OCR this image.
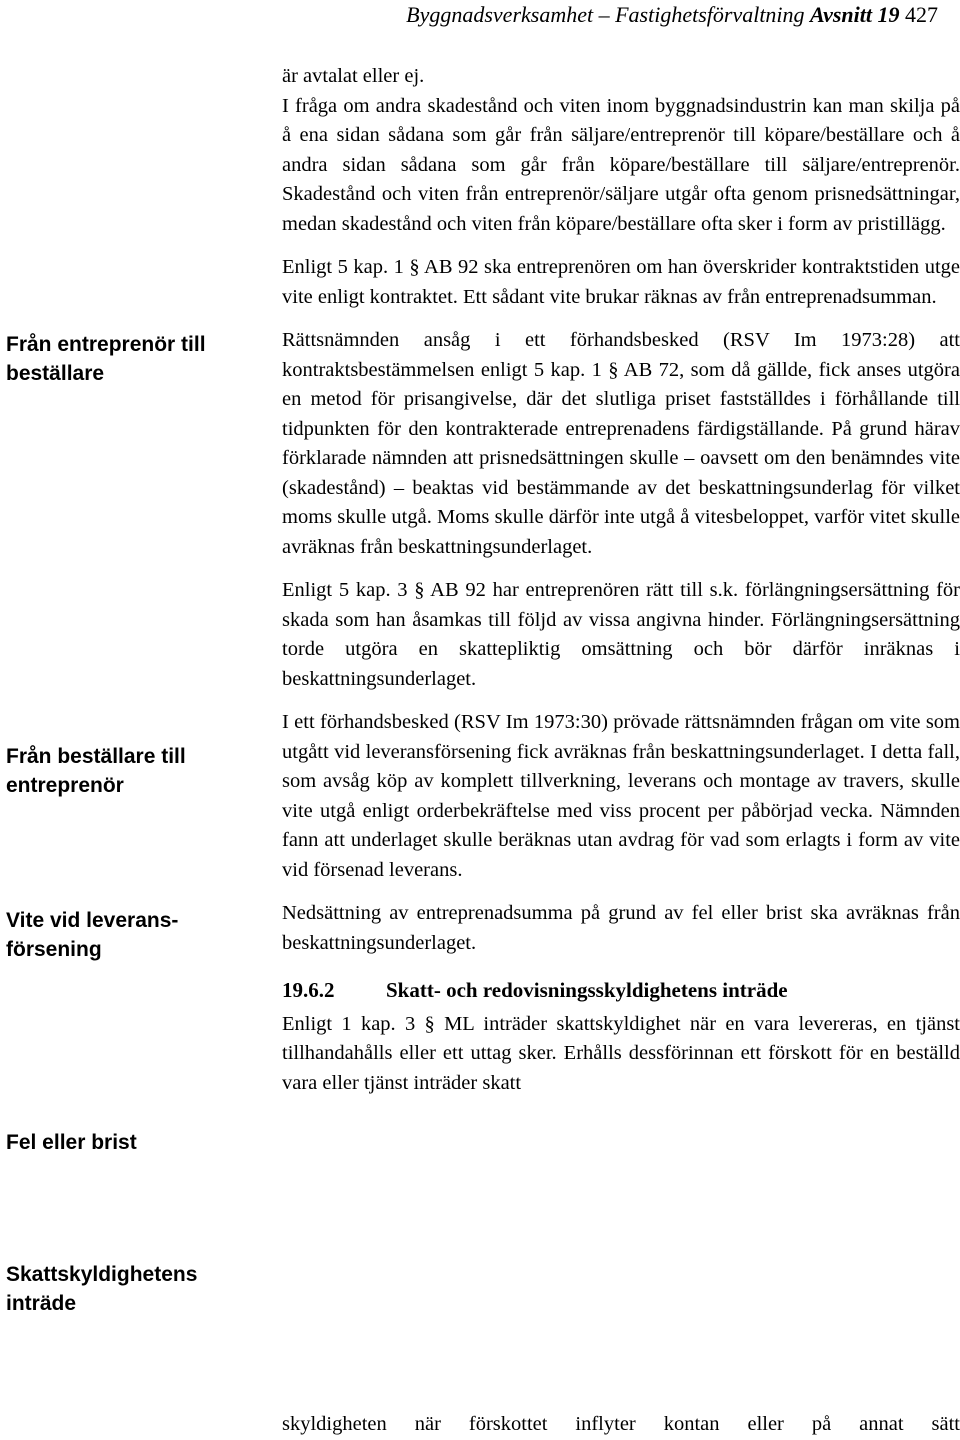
Byggnadsverksamhet – Fastighetsförvaltning Avsnitt 19 427
Från entreprenör till beställare
Från beställare till entreprenör
Vite vid leverans-försening
Fel eller brist
Skattskyldighetens inträde

är avtalat eller ej.

I fråga om andra skadestånd och viten inom byggnadsindustrin kan man skilja på å ena sidan sådana som går från säljare/entreprenör till köpare/beställare och å andra sidan sådana som går från köpare/beställare till säljare/entreprenör. Skadestånd och viten från entreprenör/säljare utgår ofta genom prisnedsättningar, medan skadestånd och viten från köpare/beställare ofta sker i form av pristillägg.

Enligt 5 kap. 1 § AB 92 ska entreprenören om han överskrider kontraktstiden utge vite enligt kontraktet. Ett sådant vite brukar räknas av från entreprenadsumman.

Rättsnämnden ansåg i ett förhandsbesked (RSV Im 1973:28) att kontraktsbestämmelsen enligt 5 kap. 1 § AB 72, som då gällde, fick anses utgöra en metod för prisangivelse, där det slutliga priset fastställdes i förhållande till tidpunkten för den kontrakterade entreprenadens färdigställande. På grund härav förklarade nämnden att prisnedsättningen skulle – oavsett om den benämndes vite (skadestånd) – beaktas vid bestämmande av det beskattningsunderlag för vilket moms skulle utgå. Moms skulle därför inte utgå å vitesbeloppet, varför vitet skulle avräknas från beskattningsunderlaget.

Enligt 5 kap. 3 § AB 92 har entreprenören rätt till s.k. förlängningsersättning för skada som han åsamkas till följd av vissa angivna hinder. Förlängningsersättning torde utgöra en skattepliktig omsättning och bör därför inräknas i beskattningsunderlaget.

I ett förhandsbesked (RSV Im 1973:30) prövade rättsnämnden frågan om vite som utgått vid leveransförsening fick avräknas från beskattningsunderlaget. I detta fall, som avsåg köp av komplett tillverkning, leverans och montage av travers, skulle vite utgå enligt orderbekräftelse med viss procent per påbörjad vecka. Nämnden fann att underlaget skulle beräknas utan avdrag för vad som erlagts i form av vite vid försenad leverans.

Nedsättning av entreprenadsumma på grund av fel eller brist ska avräknas från beskattningsunderlaget.

19.6.2	Skatt- och redovisningsskyldighetens inträde

Enligt 1 kap. 3 § ML inträder skattskyldighet när en vara levereras, en tjänst tillhandahålls eller ett uttag sker. Erhålls dessförinnan ett förskott för en beställd vara eller tjänst inträder skatt

skyldigheten när förskottet inflyter kontan eller på annat sätt
